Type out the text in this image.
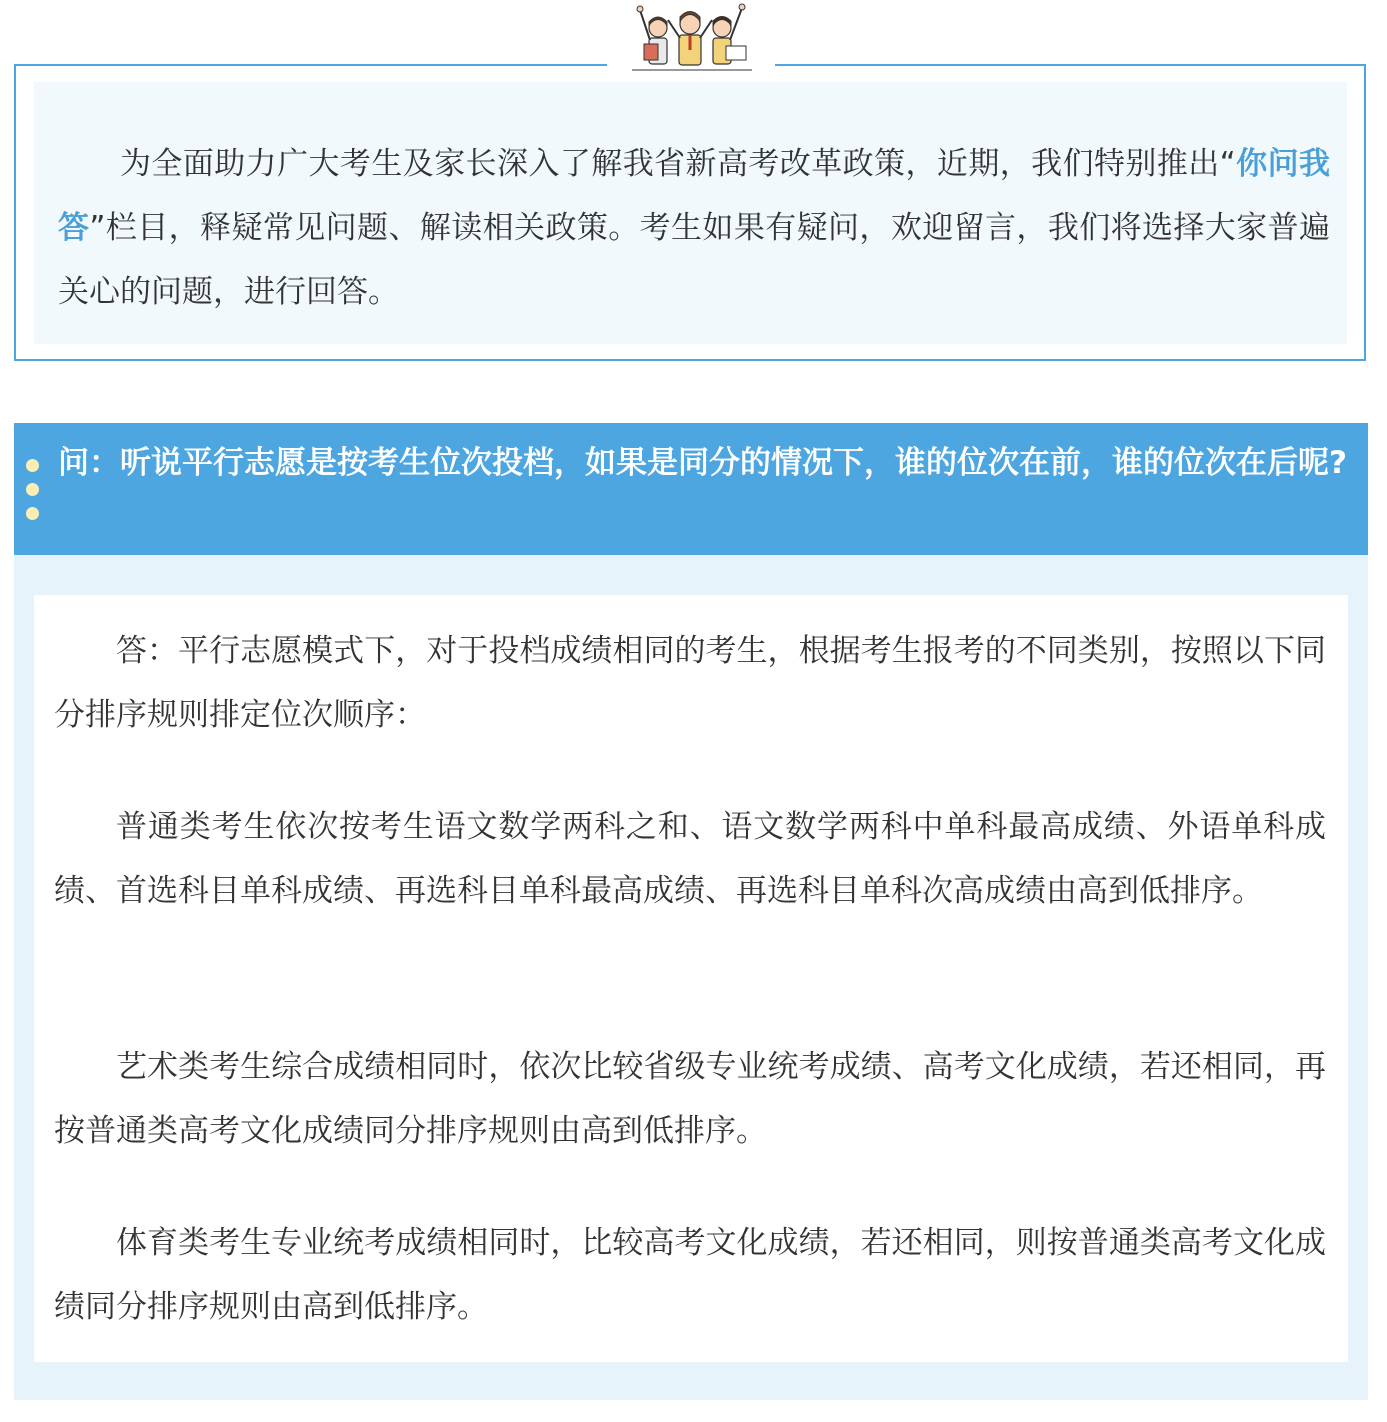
为全面助力广大考生及家长深入了解我省新高考改革政策，近期，我们特别推出“你问我答”栏目，释疑常见问题、解读相关政策。考生如果有疑问，欢迎留言，我们将选择大家普遍关心的问题，进行回答。

问：听说平行志愿是按考生位次投档，如果是同分的情况下，谁的位次在前，谁的位次在后呢?

答：平行志愿模式下，对于投档成绩相同的考生，根据考生报考的不同类别，按照以下同分排序规则排定位次顺序：

普通类考生依次按考生语文数学两科之和、语文数学两科中单科最高成绩、外语单科成绩、首选科目单科成绩、再选科目单科最高成绩、再选科目单科次高成绩由高到低排序。

艺术类考生综合成绩相同时，依次比较省级专业统考成绩、高考文化成绩，若还相同，再按普通类高考文化成绩同分排序规则由高到低排序。

体育类考生专业统考成绩相同时，比较高考文化成绩，若还相同，则按普通类高考文化成绩同分排序规则由高到低排序。
